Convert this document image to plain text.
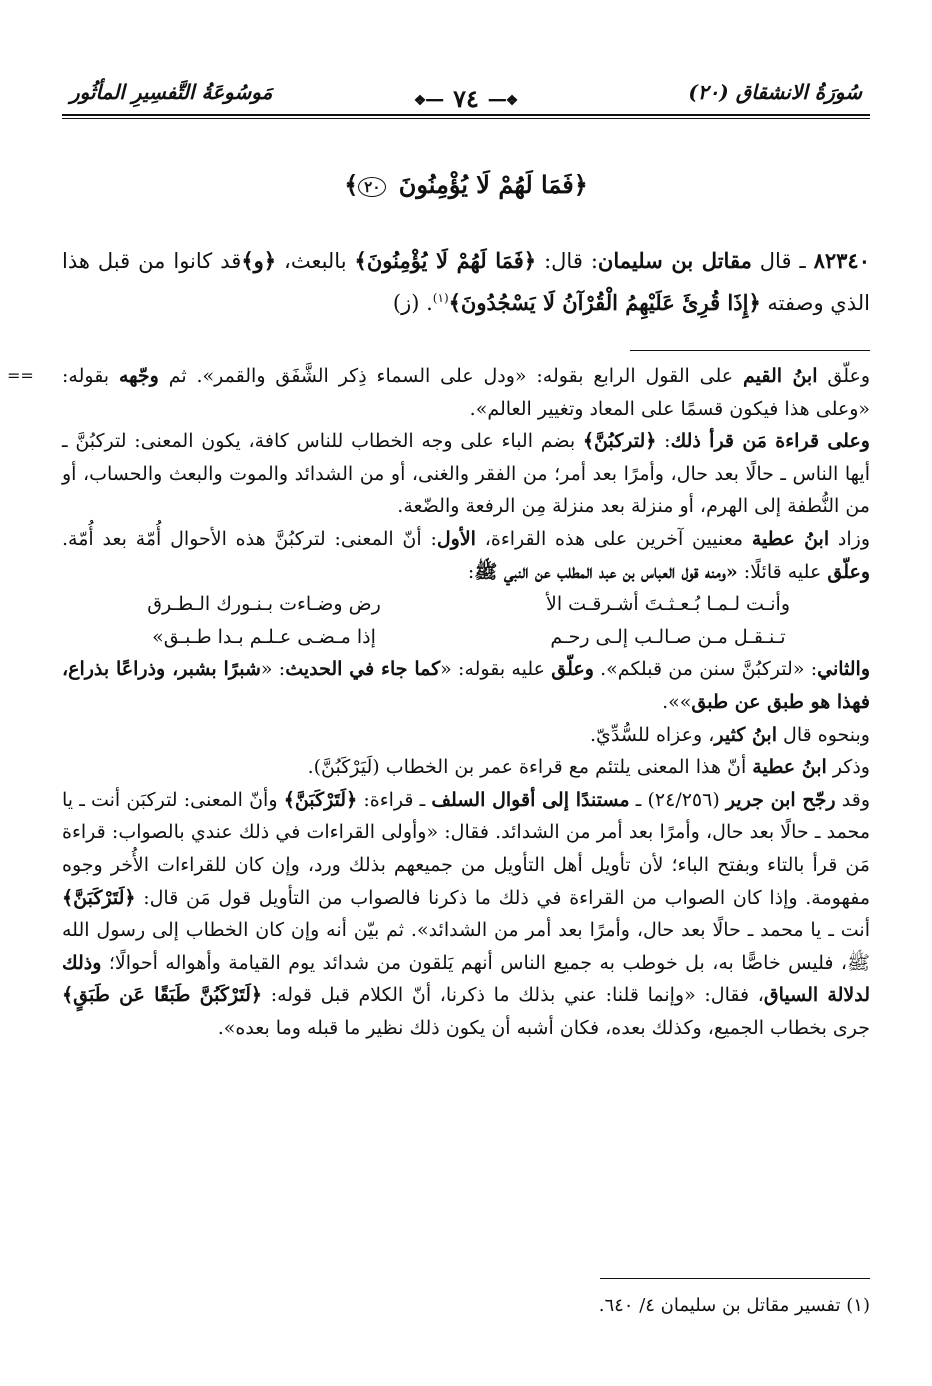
سُورَةُ الانشقاق (٢٠)
❖━━ ٧٤ ━━❖
مَوسُوعَةُ التَّفسِيرِ المأثُور
﴿فَمَا لَهُمْ لَا يُؤْمِنُونَ ٢٠﴾
٨٢٣٤٠ ـ قال مقاتل بن سليمان: قال: ﴿فَمَا لَهُمْ لَا يُؤْمِنُونَ﴾ بالبعث، ﴿و﴾قد كانوا من قبل هذا الذي وصفته ﴿إِذَا قُرِئَ عَلَيْهِمُ الْقُرْآنُ لَا يَسْجُدُونَ﴾$^{(١)}$. (ز)
==	وعلّق ابنُ القيم على القول الرابع بقوله: «ودل على السماء ذِكر الشَّفَق والقمر». ثم وجّهه بقوله: «وعلى هذا فيكون قسمًا على المعاد وتغيير العالم».

وعلى قراءة مَن قرأ ذلك: ﴿لتركبُنَّ﴾ بضم الباء على وجه الخطاب للناس كافة، يكون المعنى: لتركبُنَّ ـ أيها الناس ـ حالًا بعد حال، وأمرًا بعد أمر؛ من الفقر والغنى، أو من الشدائد والموت والبعث والحساب، أو من النُّطفة إلى الهرم، أو منزلة بعد منزلة مِن الرفعة والضّعة.

وزاد ابنُ عطية معنيين آخرين على هذه القراءة، الأول: أنّ المعنى: لتركبُنَّ هذه الأحوال أُمّة بعد أُمّة. وعلّق عليه قائلًا: «ومنه قول العباس بن عبد المطلب عن النبي ﷺ:

وأنـت لـمـا بُـعـثـتَ أشـرقـت الأ
رض وضـاءت بـنـورك الـطـرق
تـنـقـل مـن صـالـب إلـى رحـم
إذا مـضـى عـلـم بـدا طـبـق»

والثاني: «لتركبُنَّ سنن من قبلكم». وعلّق عليه بقوله: «كما جاء في الحديث: «شبرًا بشبر، وذراعًا بذراع، فهذا هو طبق عن طبق»».

وبنحوه قال ابنُ كثير، وعزاه للسُّدِّيّ.

وذكر ابنُ عطية أنّ هذا المعنى يلتئم مع قراءة عمر بن الخطاب (لَيَرْكَبُنَّ).

وقد رجّح ابن جرير (٢٤/٢٥٦) ـ مستندًا إلى أقوال السلف ـ قراءة: ﴿لَتَرْكَبَنَّ﴾ وأنّ المعنى: لتركبَن أنت ـ يا محمد ـ حالًا بعد حال، وأمرًا بعد أمر من الشدائد. فقال: «وأولى القراءات في ذلك عندي بالصواب: قراءة مَن قرأ بالتاء وبفتح الباء؛ لأن تأويل أهل التأويل من جميعهم بذلك ورد، وإن كان للقراءات الأُخر وجوه مفهومة. وإذا كان الصواب من القراءة في ذلك ما ذكرنا فالصواب من التأويل قول مَن قال: ﴿لَتَرْكَبَنَّ﴾ أنت ـ يا محمد ـ حالًا بعد حال، وأمرًا بعد أمر من الشدائد». ثم بيّن أنه وإن كان الخطاب إلى رسول الله ﷺ، فليس خاصًّا به، بل خوطب به جميع الناس أنهم يَلقون من شدائد يوم القيامة وأهواله أحوالًا؛ وذلك لدلالة السياق، فقال: «وإنما قلنا: عني بذلك ما ذكرنا، أنّ الكلام قبل قوله: ﴿لَتَرْكَبُنَّ طَبَقًا عَن طَبَقٍ﴾ جرى بخطاب الجميع، وكذلك بعده، فكان أشبه أن يكون ذلك نظير ما قبله وما بعده».

(١) تفسير مقاتل بن سليمان ٤/ ٦٤٠.
